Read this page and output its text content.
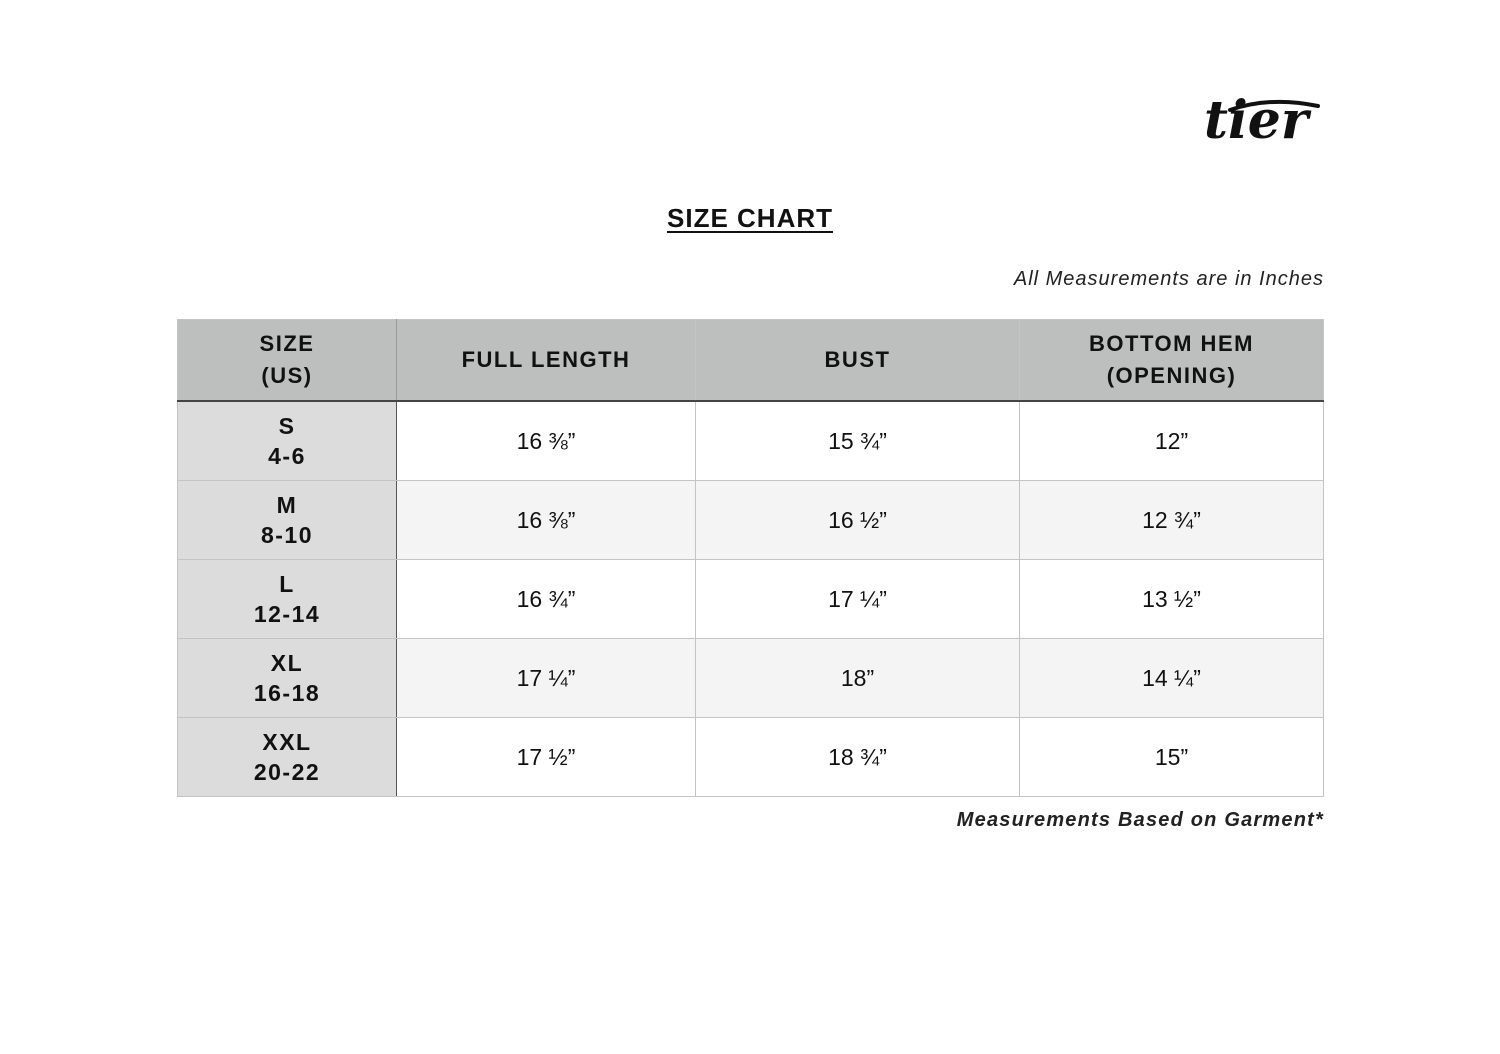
tier
SIZE CHART
All Measurements are in Inches
SIZE
(US)	FULL LENGTH	BUST	BOTTOM HEM
(OPENING)

S
4-6	16 ⅜”	15 ¾”	12”

M
8-10	16 ⅜”	16 ½”	12 ¾”

L
12-14	16 ¾”	17 ¼”	13 ½”

XL
16-18	17 ¼”	18”	14 ¼”

XXL
20-22	17 ½”	18 ¾”	15”
Measurements Based on Garment*
